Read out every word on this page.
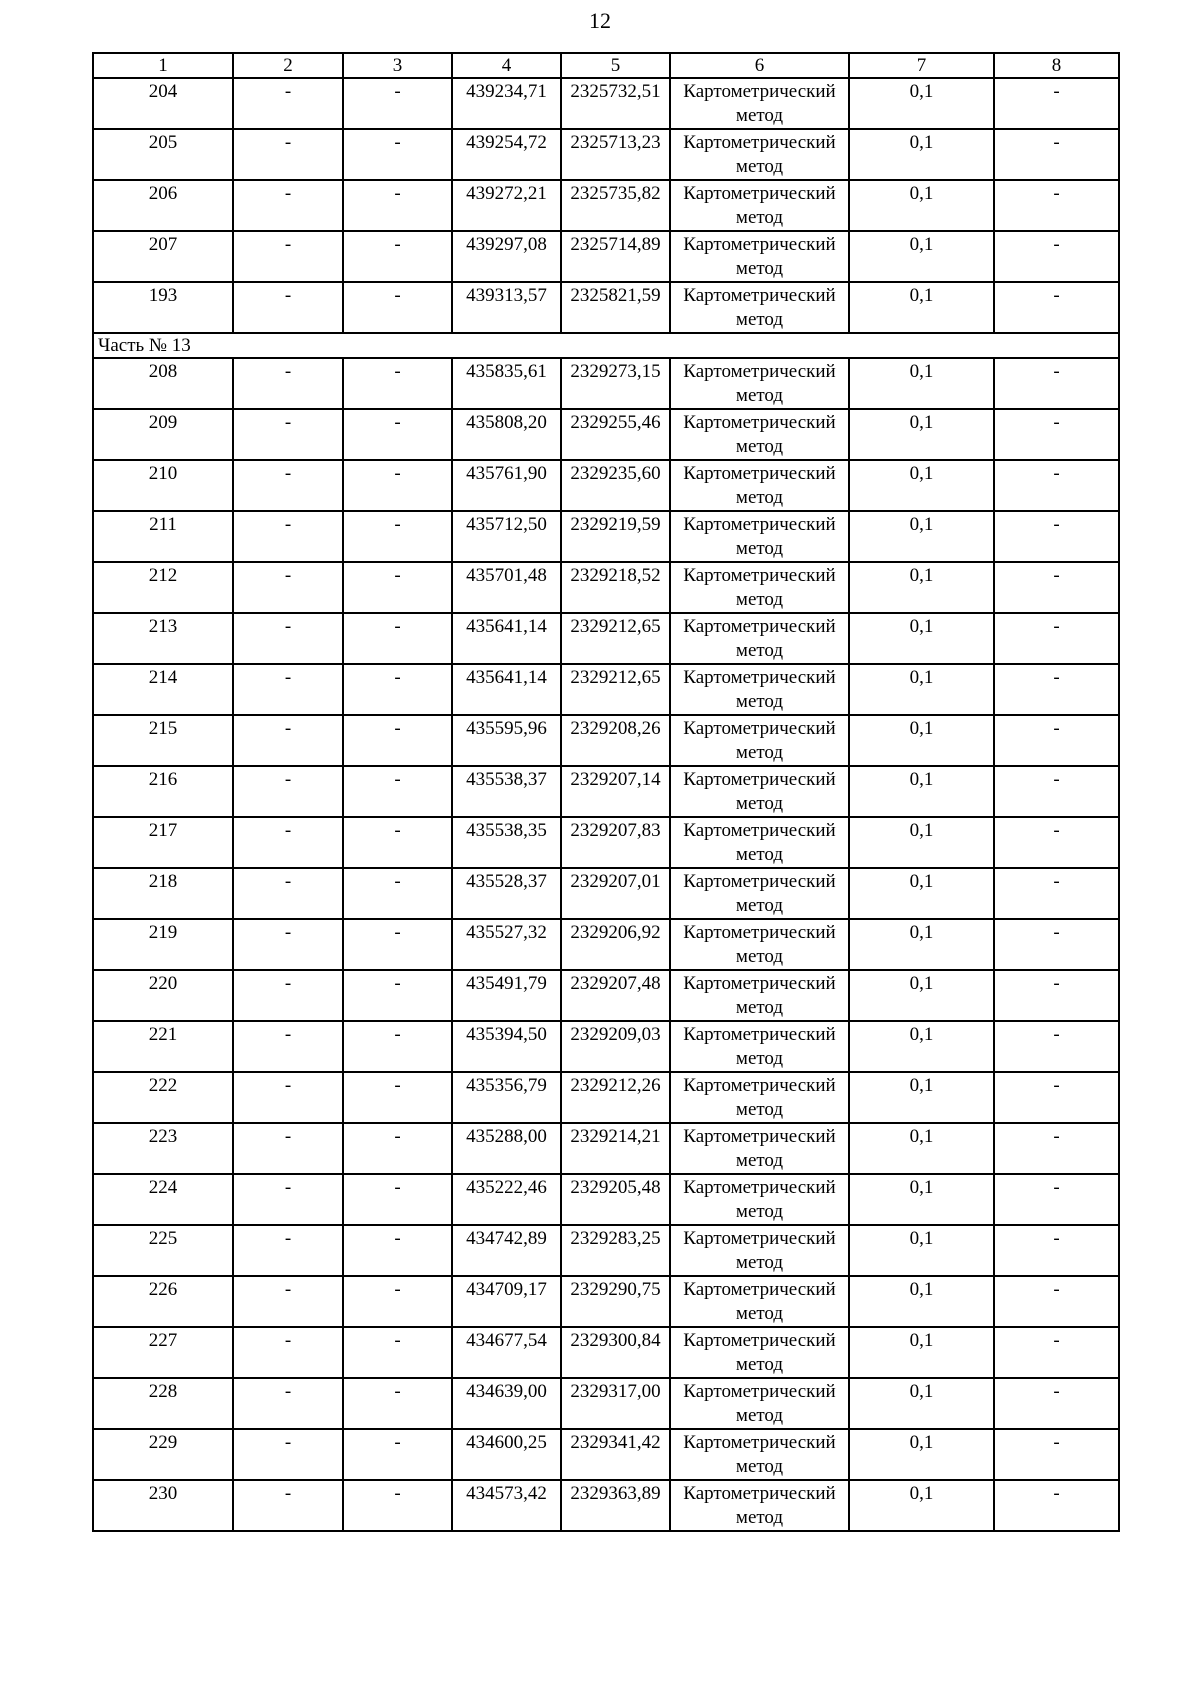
12
1	2	3	4	5	6	7	8
204	-	-	439234,71	2325732,51	Картометрический метод	0,1	-
205	-	-	439254,72	2325713,23	Картометрический метод	0,1	-
206	-	-	439272,21	2325735,82	Картометрический метод	0,1	-
207	-	-	439297,08	2325714,89	Картометрический метод	0,1	-
193	-	-	439313,57	2325821,59	Картометрический метод	0,1	-
Часть № 13							
208	-	-	435835,61	2329273,15	Картометрический метод	0,1	-
209	-	-	435808,20	2329255,46	Картометрический метод	0,1	-
210	-	-	435761,90	2329235,60	Картометрический метод	0,1	-
211	-	-	435712,50	2329219,59	Картометрический метод	0,1	-
212	-	-	435701,48	2329218,52	Картометрический метод	0,1	-
213	-	-	435641,14	2329212,65	Картометрический метод	0,1	-
214	-	-	435641,14	2329212,65	Картометрический метод	0,1	-
215	-	-	435595,96	2329208,26	Картометрический метод	0,1	-
216	-	-	435538,37	2329207,14	Картометрический метод	0,1	-
217	-	-	435538,35	2329207,83	Картометрический метод	0,1	-
218	-	-	435528,37	2329207,01	Картометрический метод	0,1	-
219	-	-	435527,32	2329206,92	Картометрический метод	0,1	-
220	-	-	435491,79	2329207,48	Картометрический метод	0,1	-
221	-	-	435394,50	2329209,03	Картометрический метод	0,1	-
222	-	-	435356,79	2329212,26	Картометрический метод	0,1	-
223	-	-	435288,00	2329214,21	Картометрический метод	0,1	-
224	-	-	435222,46	2329205,48	Картометрический метод	0,1	-
225	-	-	434742,89	2329283,25	Картометрический метод	0,1	-
226	-	-	434709,17	2329290,75	Картометрический метод	0,1	-
227	-	-	434677,54	2329300,84	Картометрический метод	0,1	-
228	-	-	434639,00	2329317,00	Картометрический метод	0,1	-
229	-	-	434600,25	2329341,42	Картометрический метод	0,1	-
230	-	-	434573,42	2329363,89	Картометрический метод	0,1	-
